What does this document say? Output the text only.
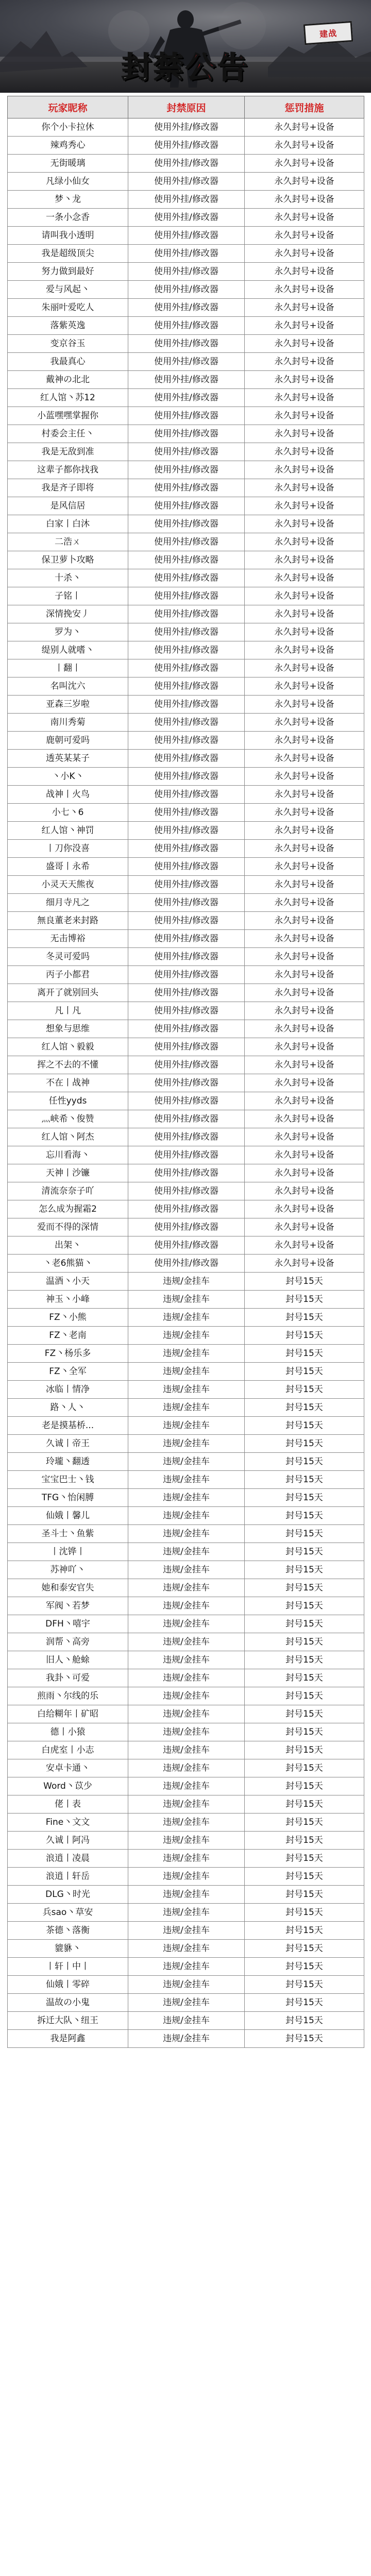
建战
封禁公告
玩家昵称	封禁原因	惩罚措施
你个小卡拉休	使用外挂/修改器	永久封号+设备
辣鸡秀心	使用外挂/修改器	永久封号+设备
无街暖璃	使用外挂/修改器	永久封号+设备
凡绿小仙女	使用外挂/修改器	永久封号+设备
梦丶龙	使用外挂/修改器	永久封号+设备
一条小念香	使用外挂/修改器	永久封号+设备
请叫我小透明	使用外挂/修改器	永久封号+设备
我是超级顶尖	使用外挂/修改器	永久封号+设备
努力做到最好	使用外挂/修改器	永久封号+设备
爱与风起丶	使用外挂/修改器	永久封号+设备
朱丽叶爱吃人	使用外挂/修改器	永久封号+设备
落紫英逸	使用外挂/修改器	永久封号+设备
变京谷玉	使用外挂/修改器	永久封号+设备
我最真心	使用外挂/修改器	永久封号+设备
戴神の北北	使用外挂/修改器	永久封号+设备
红人馆丶苏12	使用外挂/修改器	永久封号+设备
小蓝嘿嘿掌握你	使用外挂/修改器	永久封号+设备
村委会主任丶	使用外挂/修改器	永久封号+设备
我是无敌到准	使用外挂/修改器	永久封号+设备
这辈子都你找我	使用外挂/修改器	永久封号+设备
我是齐子即将	使用外挂/修改器	永久封号+设备
是风信居	使用外挂/修改器	永久封号+设备
白家丨白沐	使用外挂/修改器	永久封号+设备
二浩ㄨ	使用外挂/修改器	永久封号+设备
保卫萝卜攻略	使用外挂/修改器	永久封号+设备
十杀丶	使用外挂/修改器	永久封号+设备
子铭丨	使用外挂/修改器	永久封号+设备
深情挽安丿	使用外挂/修改器	永久封号+设备
罗为丶	使用外挂/修改器	永久封号+设备
缇别人就嗜丶	使用外挂/修改器	永久封号+设备
丨翻丨	使用外挂/修改器	永久封号+设备
名叫沈六	使用外挂/修改器	永久封号+设备
亚森三岁啦	使用外挂/修改器	永久封号+设备
南川秀菊	使用外挂/修改器	永久封号+设备
鹿朝可爱吗	使用外挂/修改器	永久封号+设备
透英某某子	使用外挂/修改器	永久封号+设备
丶小K丶	使用外挂/修改器	永久封号+设备
战神丨火鸟	使用外挂/修改器	永久封号+设备
小七丶6	使用外挂/修改器	永久封号+设备
红人馆丶神罚	使用外挂/修改器	永久封号+设备
丨刀你没喜	使用外挂/修改器	永久封号+设备
盛哥丨永希	使用外挂/修改器	永久封号+设备
小灵天天熊夜	使用外挂/修改器	永久封号+设备
细月寺凡之	使用外挂/修改器	永久封号+设备
無良董老来封路	使用外挂/修改器	永久封号+设备
无击博裕	使用外挂/修改器	永久封号+设备
冬灵可爱吗	使用外挂/修改器	永久封号+设备
丙子小都君	使用外挂/修改器	永久封号+设备
离开了就别回头	使用外挂/修改器	永久封号+设备
凡丨凡	使用外挂/修改器	永久封号+设备
想象与思维	使用外挂/修改器	永久封号+设备
红人馆丶毅毅	使用外挂/修改器	永久封号+设备
挥之不去的不懂	使用外挂/修改器	永久封号+设备
不在丨战神	使用外挂/修改器	永久封号+设备
任性yyds	使用外挂/修改器	永久封号+设备
灬峡希丶俊赞	使用外挂/修改器	永久封号+设备
红人馆丶阿杰	使用外挂/修改器	永久封号+设备
忘川看海丶	使用外挂/修改器	永久封号+设备
天神丨沙镰	使用外挂/修改器	永久封号+设备
清流奈奈子吖	使用外挂/修改器	永久封号+设备
怎么成为握霜2	使用外挂/修改器	永久封号+设备
爱而不得的深情	使用外挂/修改器	永久封号+设备
出架丶	使用外挂/修改器	永久封号+设备
丶老6熊猫丶	使用外挂/修改器	永久封号+设备
温酒丶小天	违规/金挂车	封号15天
神玉丶小峰	违规/金挂车	封号15天
FZ丶小熊	违规/金挂车	封号15天
FZ丶老南	违规/金挂车	封号15天
FZ丶杨乐多	违规/金挂车	封号15天
FZ丶全军	违规/金挂车	封号15天
冰临丨情净	违规/金挂车	封号15天
路丶人丶	违规/金挂车	封号15天
老是摸基桥...	违规/金挂车	封号15天
久诚丨帝王	违规/金挂车	封号15天
玲瓏丶翻透	违规/金挂车	封号15天
宝宝巴士丶钱	违规/金挂车	封号15天
TFG丶怡闲膊	违规/金挂车	封号15天
仙娥丨馨儿	违规/金挂车	封号15天
圣斗士丶鱼紫	违规/金挂车	封号15天
丨沈铧丨	违规/金挂车	封号15天
苏神吖丶	违规/金挂车	封号15天
她和泰安官失	违规/金挂车	封号15天
军阀丶若梦	违规/金挂车	封号15天
DFH丶嘻宇	违规/金挂车	封号15天
润帮丶高旁	违规/金挂车	封号15天
旧人丶舱蜍	违规/金挂车	封号15天
我卦丶可爱	违规/金挂车	封号15天
煎雨丶尔线的乐	违规/金挂车	封号15天
白给糊年丨矿昭	违规/金挂车	封号15天
德丨小猿	违规/金挂车	封号15天
白虎室丨小志	违规/金挂车	封号15天
安卓卡通丶	违规/金挂车	封号15天
Word丶苡少	违规/金挂车	封号15天
佬丨表	违规/金挂车	封号15天
Fine丶文文	违规/金挂车	封号15天
久诚丨阿冯	违规/金挂车	封号15天
浪逍丨凌晨	违规/金挂车	封号15天
浪逍丨轩岳	违规/金挂车	封号15天
DLG丶时光	违规/金挂车	封号15天
兵sao丶草安	违规/金挂车	封号15天
茶德丶落衡	违规/金挂车	封号15天
貔貅丶	违规/金挂车	封号15天
丨轩丨中丨	违规/金挂车	封号15天
仙娥丨零碎	违规/金挂车	封号15天
温故の小鬼	违规/金挂车	封号15天
拆迁大队丶纽王	违规/金挂车	封号15天
我是阿鑫	违规/金挂车	封号15天
